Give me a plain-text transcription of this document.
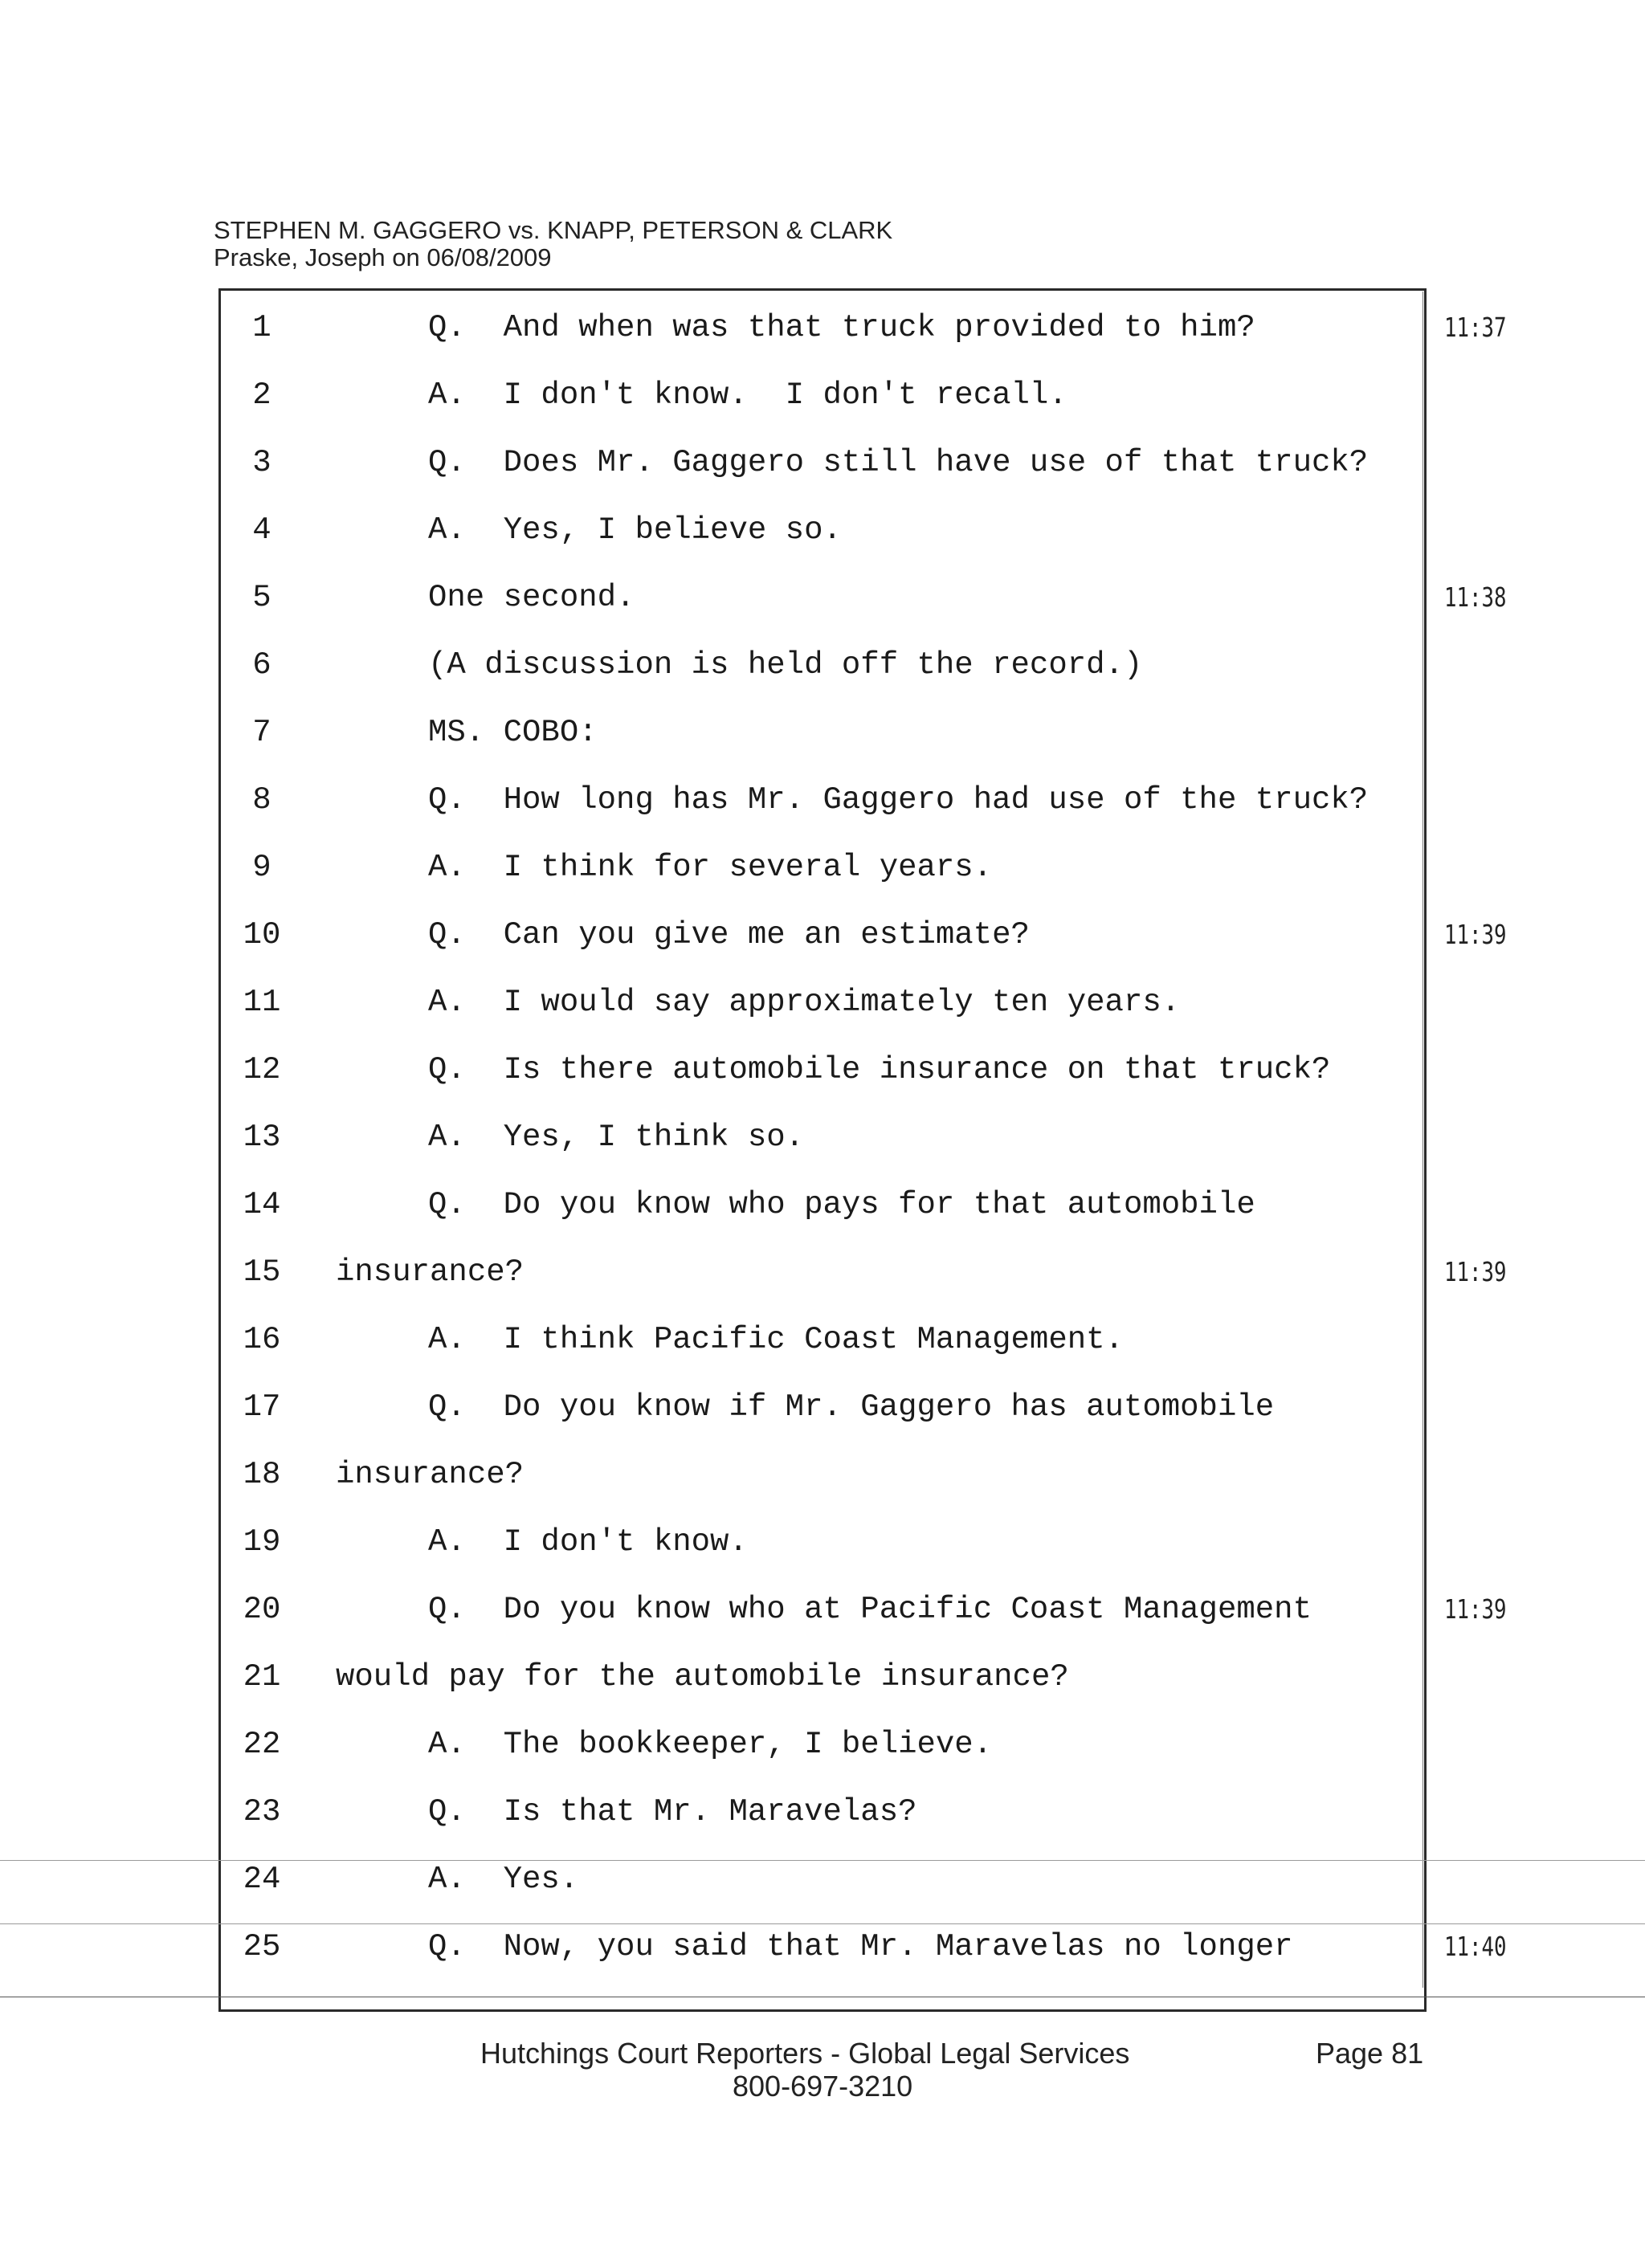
STEPHEN M. GAGGERO vs. KNAPP, PETERSON & CLARK
Praske, Joseph on 06/08/2009
1	Q.  And when was that truck provided to him?	11:37
2	A.  I don't know.  I don't recall.
3	Q.  Does Mr. Gaggero still have use of that truck?
4	A.  Yes, I believe so.
5	One second.	11:38
6	(A discussion is held off the record.)
7	MS. COBO:
8	Q.  How long has Mr. Gaggero had use of the truck?
9	A.  I think for several years.
10	Q.  Can you give me an estimate?	11:39
11	A.  I would say approximately ten years.
12	Q.  Is there automobile insurance on that truck?
13	A.  Yes, I think so.
14	Q.  Do you know who pays for that automobile
15	insurance?	11:39
16	A.  I think Pacific Coast Management.
17	Q.  Do you know if Mr. Gaggero has automobile
18	insurance?
19	A.  I don't know.
20	Q.  Do you know who at Pacific Coast Management	11:39
21	would pay for the automobile insurance?
22	A.  The bookkeeper, I believe.
23	Q.  Is that Mr. Maravelas?
24	A.  Yes.
25	Q.  Now, you said that Mr. Maravelas no longer	11:40
Hutchings Court Reporters - Global Legal Services
800-697-3210
Page 81
